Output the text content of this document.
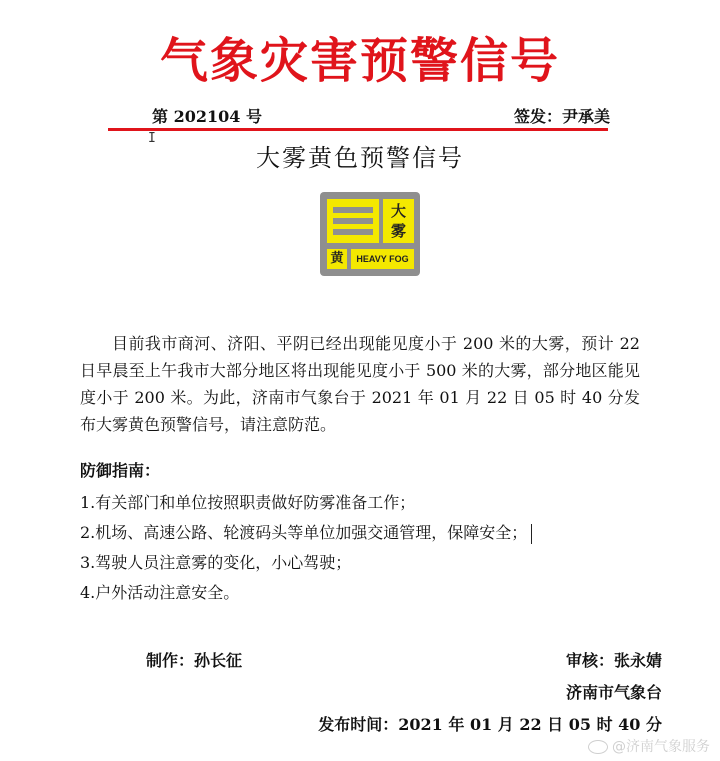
气象灾害预警信号
第 202104 号	签发：尹承美
I
大雾黄色预警信号
大
雾
黄	HEAVY FOG
目前我市商河、济阳、平阴已经出现能见度小于 200 米的大雾，预计 22 日早晨至上午我市大部分地区将出现能见度小于 500 米的大雾，部分地区能见度小于 200 米。为此，济南市气象台于 2021 年 01 月 22 日 05 时 40 分发布大雾黄色预警信号，请注意防范。
防御指南：
1.有关部门和单位按照职责做好防雾准备工作；
2.机场、高速公路、轮渡码头等单位加强交通管理，保障安全；
3.驾驶人员注意雾的变化，小心驾驶；
4.户外活动注意安全。
制作：孙长征	审核：张永婧
济南市气象台
发布时间：2021 年 01 月 22 日 05 时 40 分
@济南气象服务
